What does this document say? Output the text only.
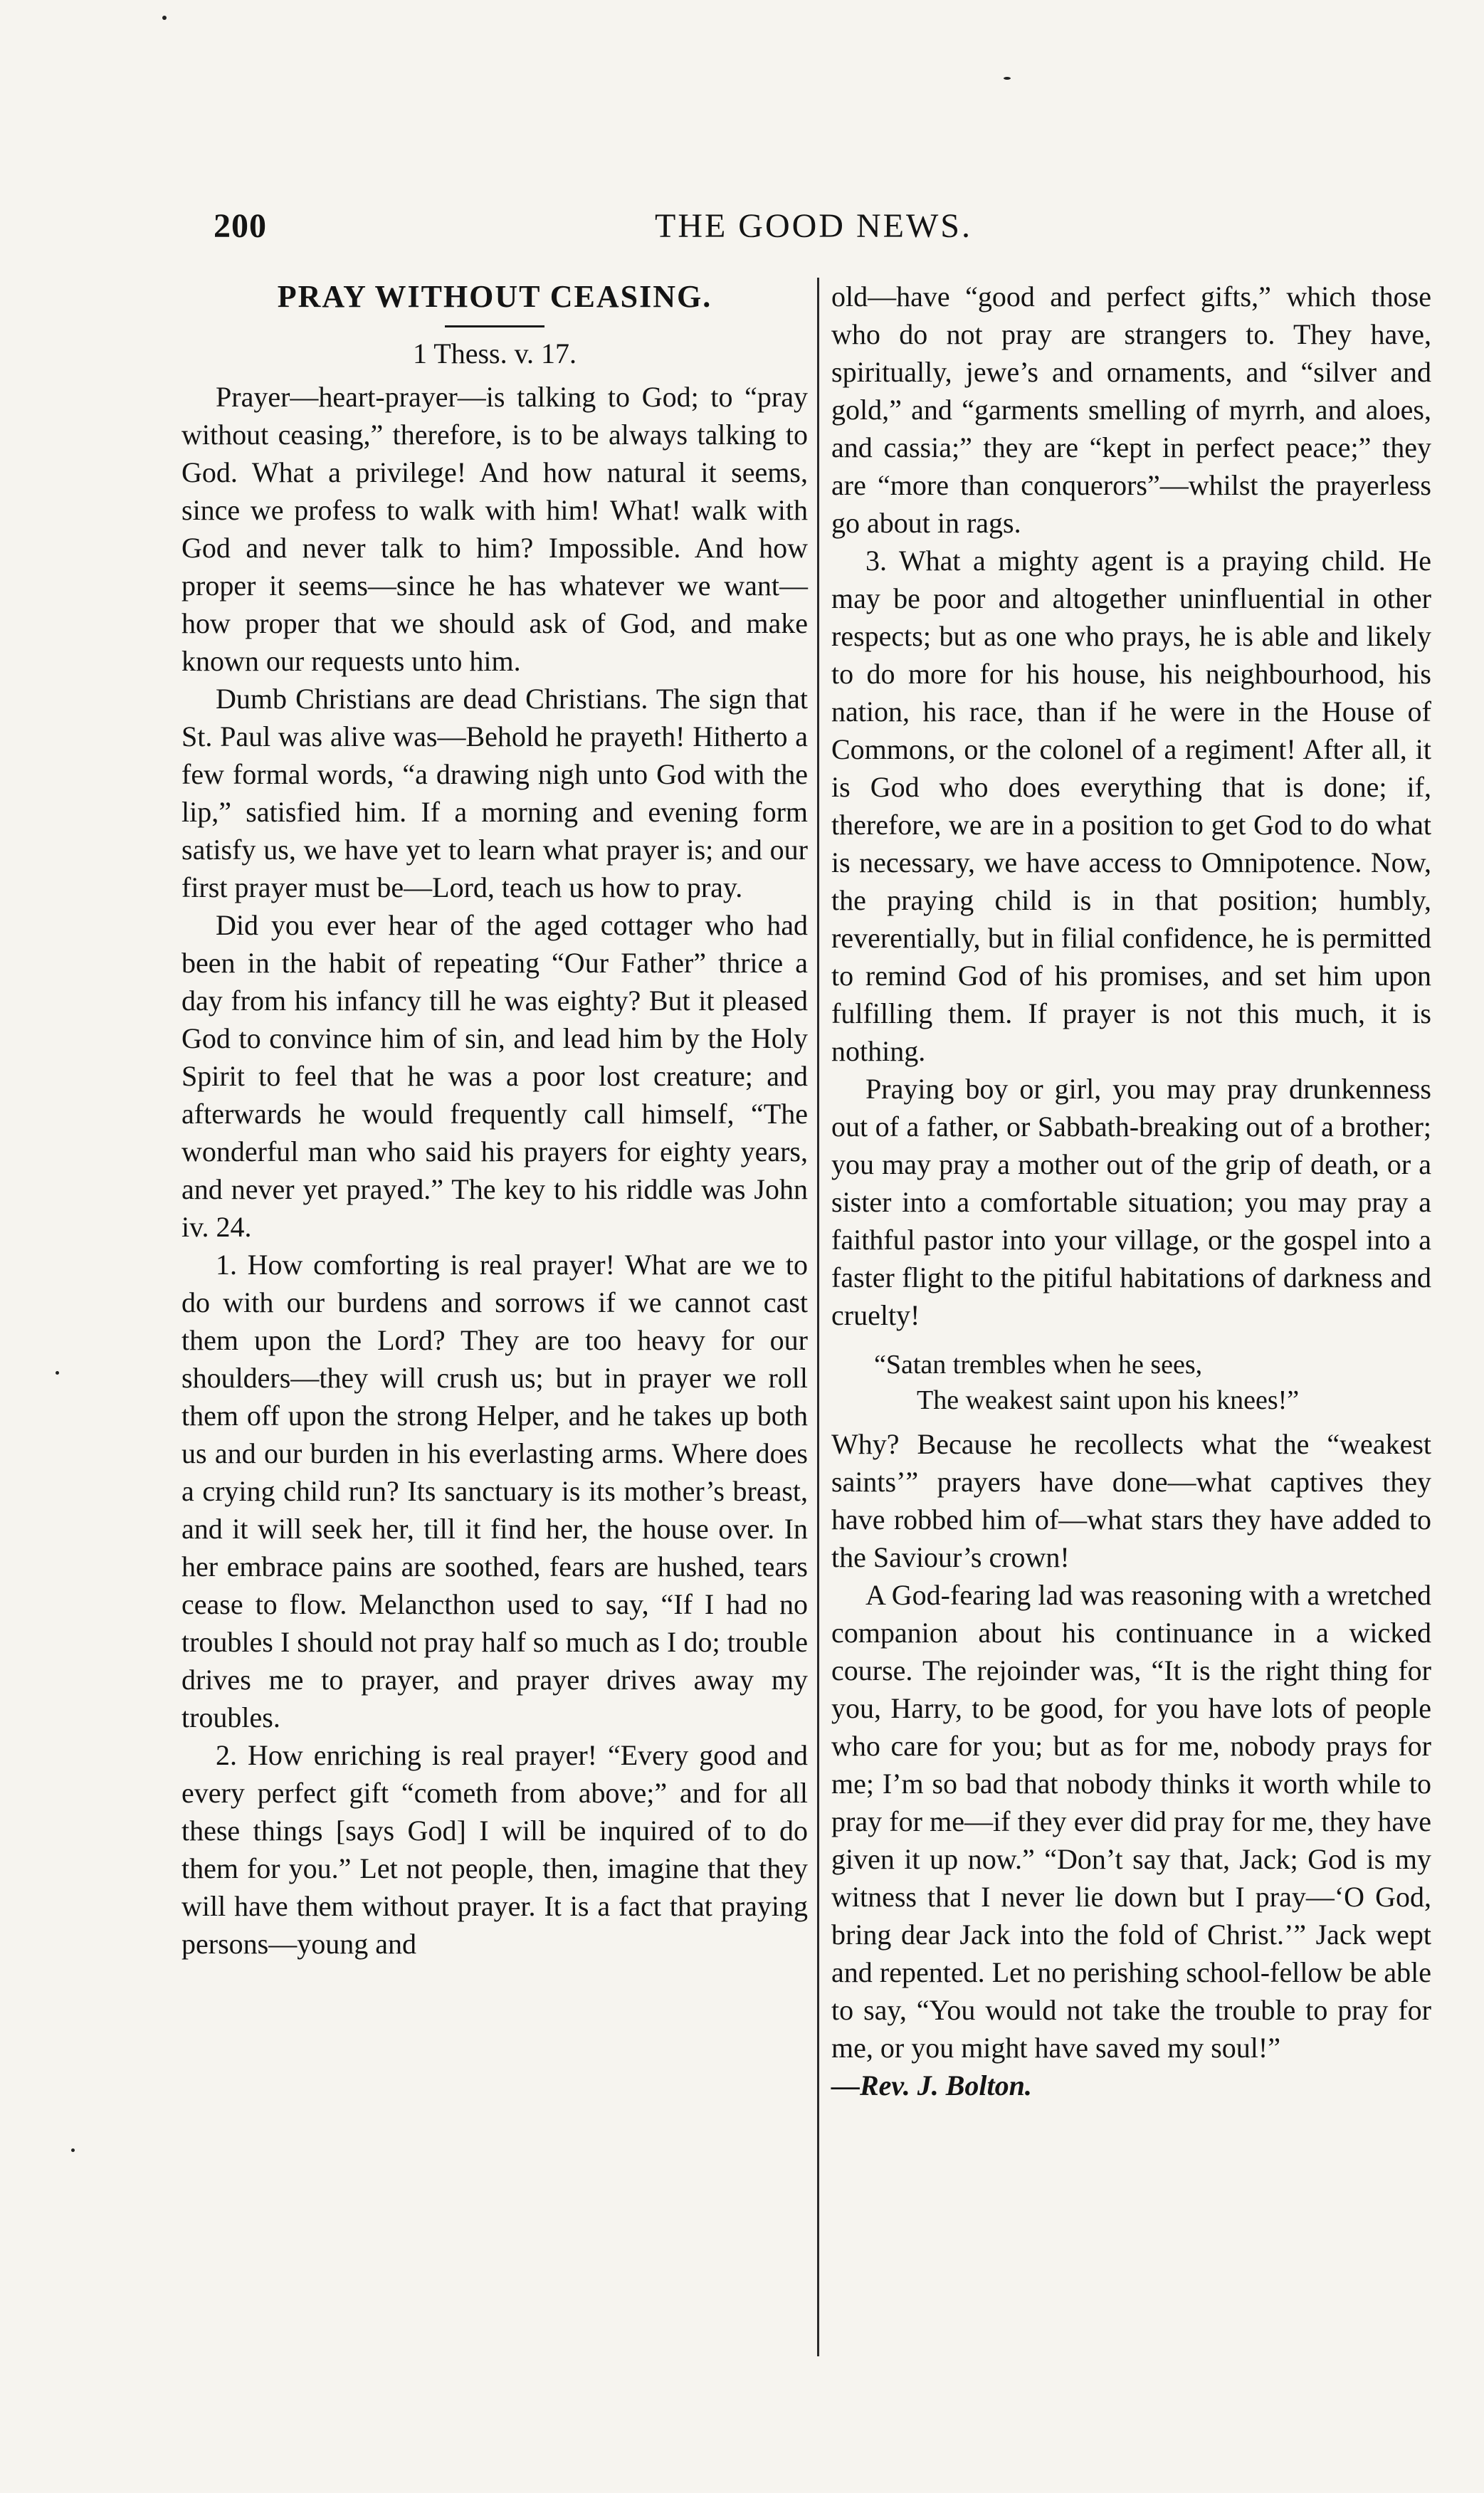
200	THE GOOD NEWS.
PRAY WITHOUT CEASING.
1 Thess. v. 17.

Prayer—heart-prayer—is talking to God; to “pray without ceasing,” therefore, is to be always talking to God. What a privilege! And how natural it seems, since we profess to walk with him! What! walk with God and never talk to him? Impossible. And how proper it seems—since he has whatever we want—how proper that we should ask of God, and make known our requests unto him.

Dumb Christians are dead Christians. The sign that St. Paul was alive was—Behold he prayeth! Hitherto a few formal words, “a drawing nigh unto God with the lip,” satisfied him. If a morning and evening form satisfy us, we have yet to learn what prayer is; and our first prayer must be—Lord, teach us how to pray.

Did you ever hear of the aged cottager who had been in the habit of repeating “Our Father” thrice a day from his infancy till he was eighty? But it pleased God to convince him of sin, and lead him by the Holy Spirit to feel that he was a poor lost creature; and afterwards he would frequently call himself, “The wonderful man who said his prayers for eighty years, and never yet prayed.” The key to his riddle was John iv. 24.

1. How comforting is real prayer! What are we to do with our burdens and sorrows if we cannot cast them upon the Lord? They are too heavy for our shoulders—they will crush us; but in prayer we roll them off upon the strong Helper, and he takes up both us and our burden in his everlasting arms. Where does a crying child run? Its sanctuary is its mother’s breast, and it will seek her, till it find her, the house over. In her embrace pains are soothed, fears are hushed, tears cease to flow. Melancthon used to say, “If I had no troubles I should not pray half so much as I do; trouble drives me to prayer, and prayer drives away my troubles.

2. How enriching is real prayer! “Every good and every perfect gift “cometh from above;” and for all these things [says God] I will be inquired of to do them for you.” Let not people, then, imagine that they will have them without prayer. It is a fact that praying persons—young and

old—have “good and perfect gifts,” which those who do not pray are strangers to. They have, spiritually, jewe’s and ornaments, and “silver and gold,” and “garments smelling of myrrh, and aloes, and cassia;” they are “kept in perfect peace;” they are “more than conquerors”—whilst the prayerless go about in rags.

3. What a mighty agent is a praying child. He may be poor and altogether uninfluential in other respects; but as one who prays, he is able and likely to do more for his house, his neighbourhood, his nation, his race, than if he were in the House of Commons, or the colonel of a regiment! After all, it is God who does everything that is done; if, therefore, we are in a position to get God to do what is necessary, we have access to Omnipotence. Now, the praying child is in that position; humbly, reverentially, but in filial confidence, he is permitted to remind God of his promises, and set him upon fulfilling them. If prayer is not this much, it is nothing.

Praying boy or girl, you may pray drunkenness out of a father, or Sabbath-breaking out of a brother; you may pray a mother out of the grip of death, or a sister into a comfortable situation; you may pray a faithful pastor into your village, or the gospel into a faster flight to the pitiful habitations of darkness and cruelty!

“Satan trembles when he sees,
The weakest saint upon his knees!”

Why? Because he recollects what the “weakest saints’” prayers have done—what captives they have robbed him of—what stars they have added to the Saviour’s crown!

A God-fearing lad was reasoning with a wretched companion about his continuance in a wicked course. The rejoinder was, “It is the right thing for you, Harry, to be good, for you have lots of people who care for you; but as for me, nobody prays for me; I’m so bad that nobody thinks it worth while to pray for me—if they ever did pray for me, they have given it up now.” “Don’t say that, Jack; God is my witness that I never lie down but I pray—‘O God, bring dear Jack into the fold of Christ.’” Jack wept and repented. Let no perishing school-fellow be able to say, “You would not take the trouble to pray for me, or you might have saved my soul!”

—Rev. J. Bolton.
